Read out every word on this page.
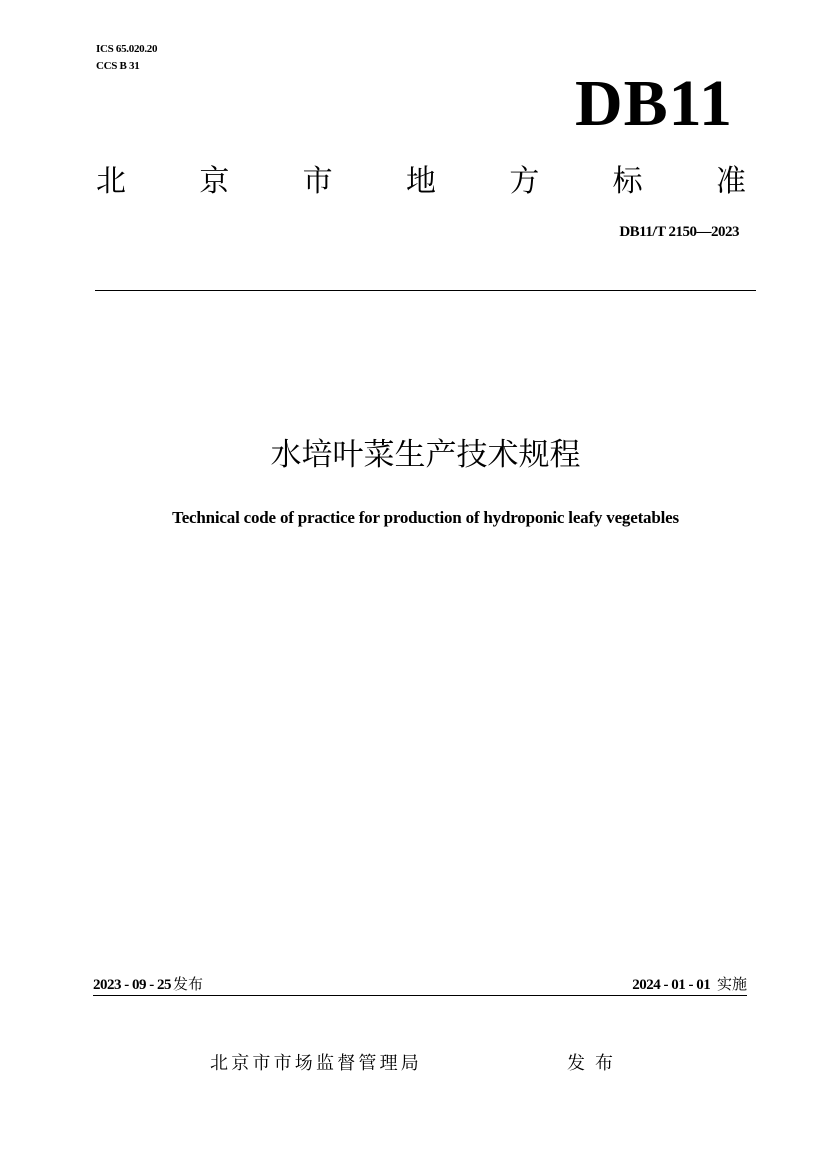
ICS 65.020.20
CCS B 31
DB11
北 京 市 地 方 标 准
DB11/T 2150—2023
水培叶菜生产技术规程
Technical code of practice for production of hydroponic leafy vegetables
2023 - 09 - 25 发布	2024 - 01 - 01 实施
北京市市场监督管理局	发布
